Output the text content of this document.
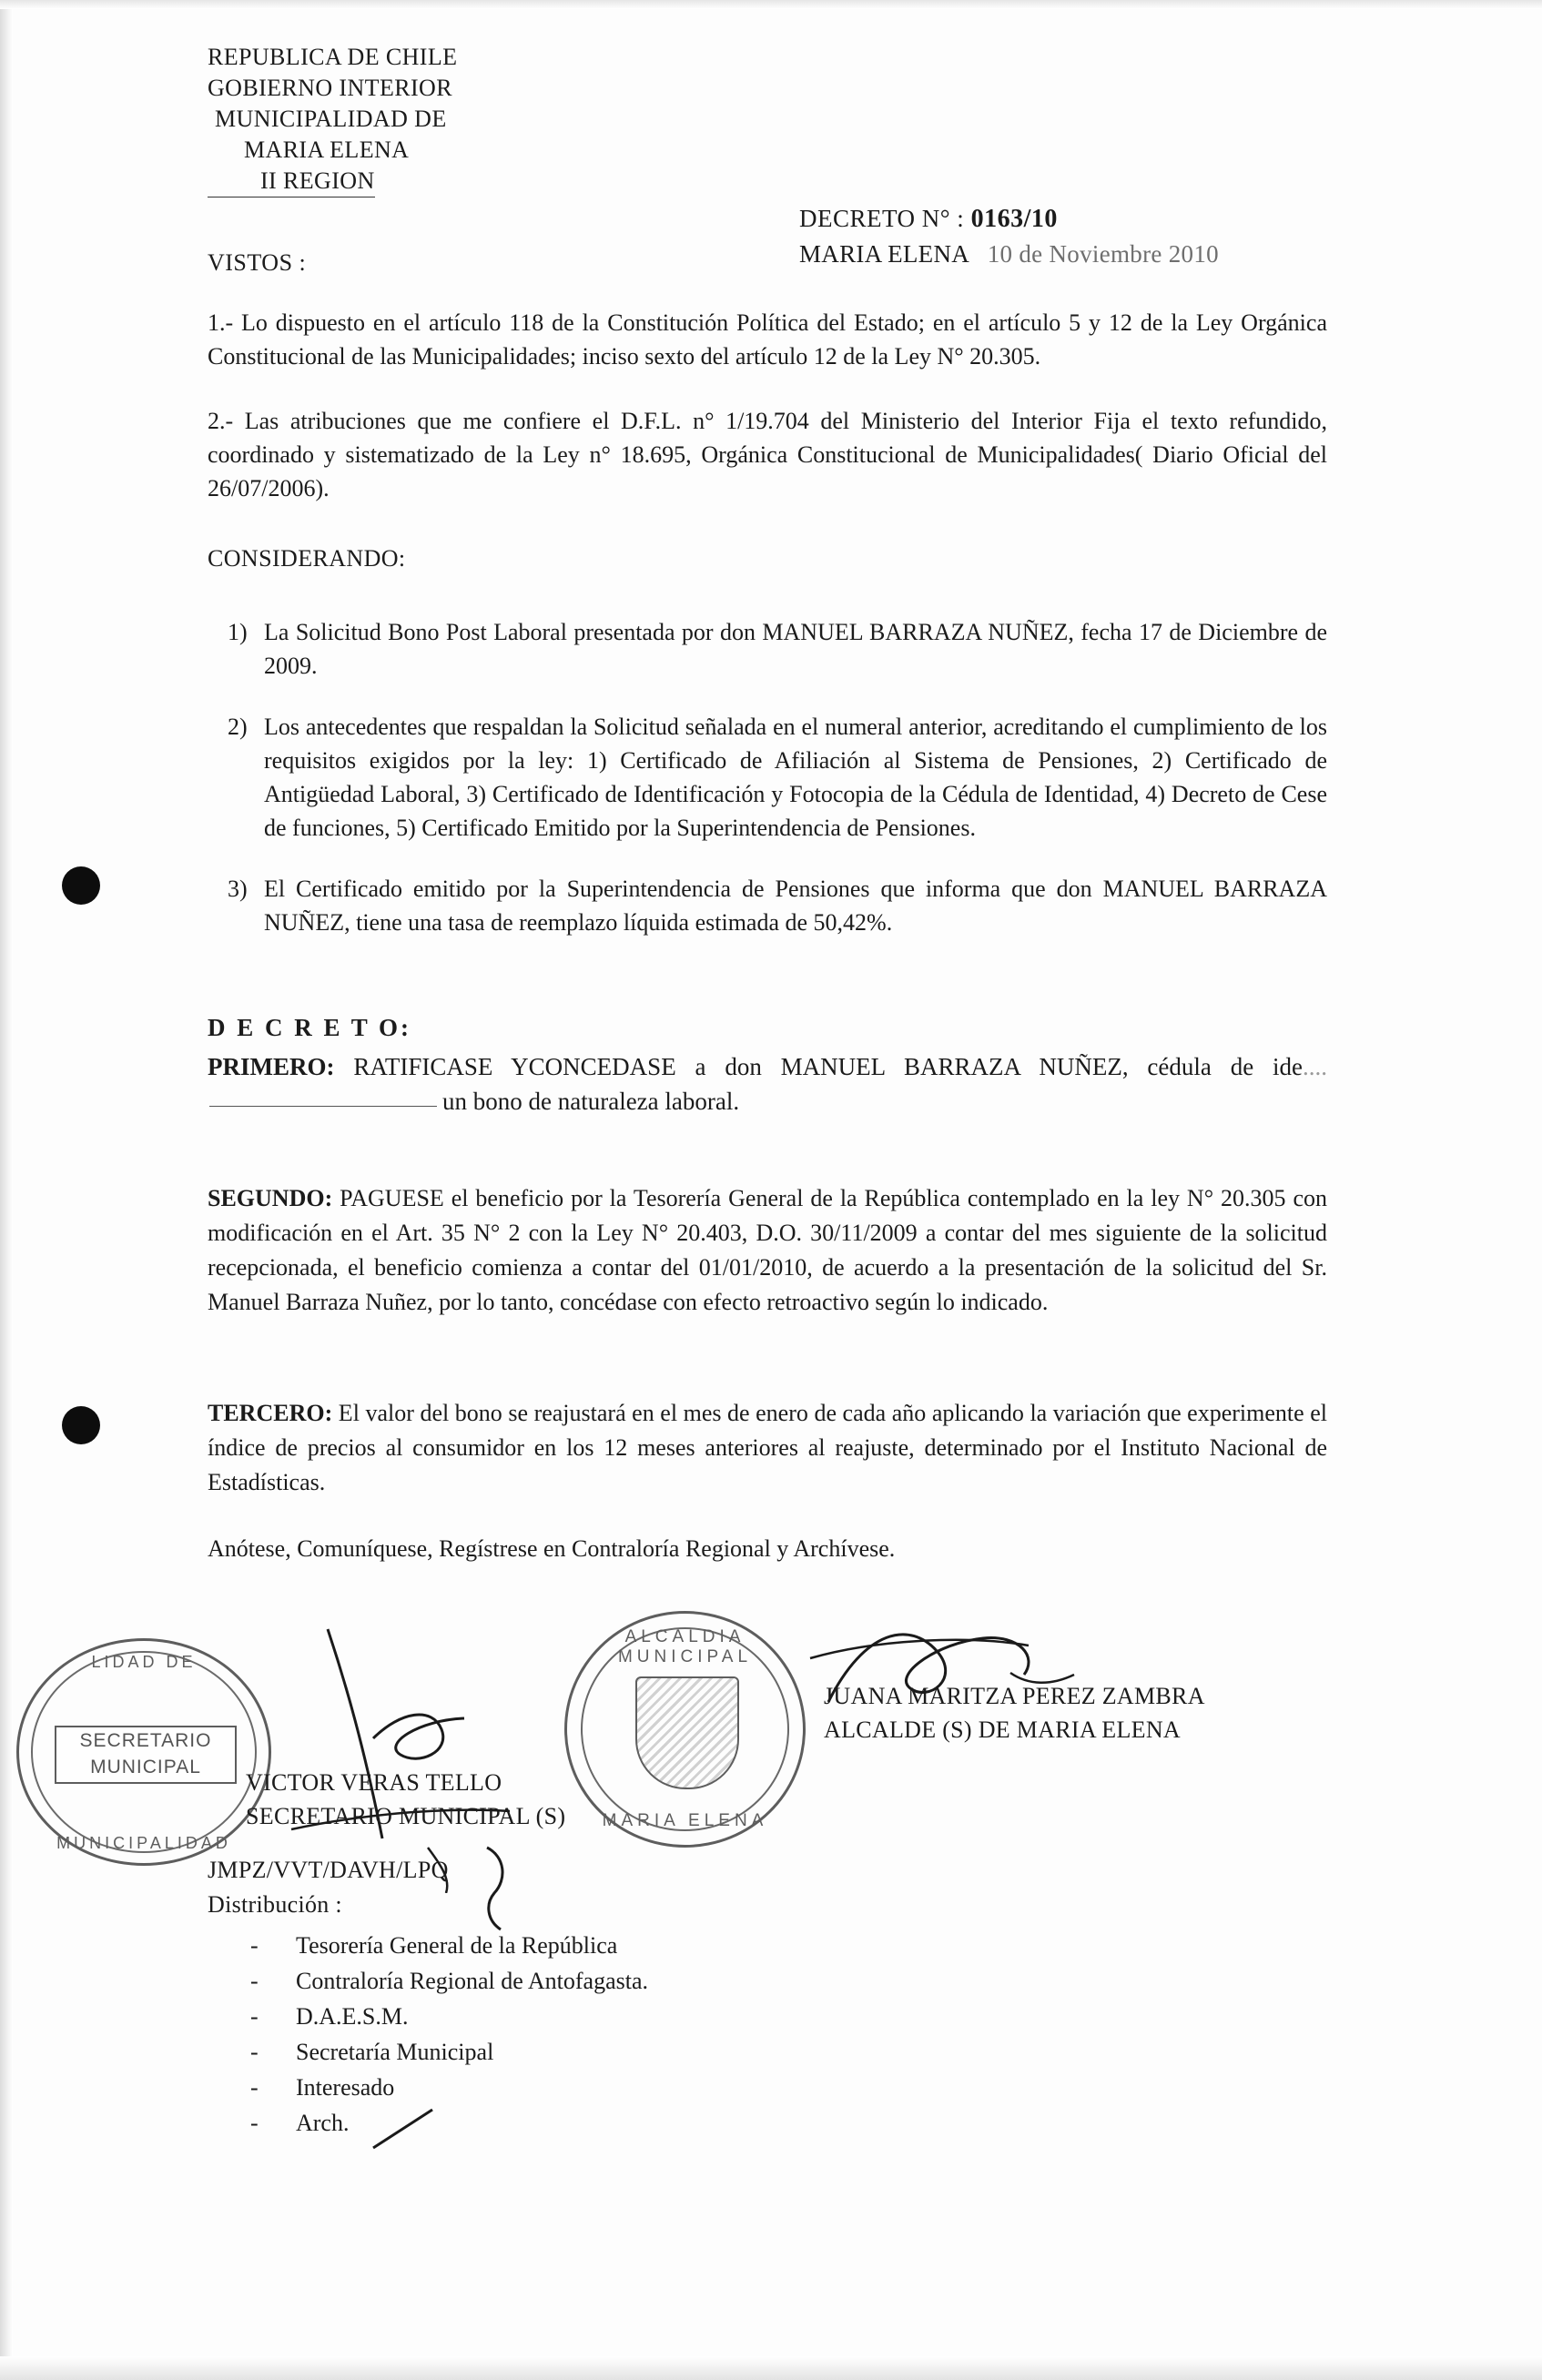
REPUBLICA DE CHILE
GOBIERNO INTERIOR
MUNICIPALIDAD DE
MARIA ELENA
II REGION
DECRETO N° : 0163/10
MARIA ELENA 10 de Noviembre 2010
VISTOS :

1.- Lo dispuesto en el artículo 118 de la Constitución Política del Estado; en el artículo 5 y 12 de la Ley Orgánica Constitucional de las Municipalidades; inciso sexto del artículo 12 de la Ley N° 20.305.

2.- Las atribuciones que me confiere el D.F.L. n° 1/19.704 del Ministerio del Interior Fija el texto refundido, coordinado y sistematizado de la Ley n° 18.695, Orgánica Constitucional de Municipalidades( Diario Oficial del 26/07/2006).

CONSIDERANDO:
1) La Solicitud Bono Post Laboral presentada por don MANUEL BARRAZA NUÑEZ, fecha 17 de Diciembre de 2009.
2) Los antecedentes que respaldan la Solicitud señalada en el numeral anterior, acreditando el cumplimiento de los requisitos exigidos por la ley: 1) Certificado de Afiliación al Sistema de Pensiones, 2) Certificado de Antigüedad Laboral, 3) Certificado de Identificación y Fotocopia de la Cédula de Identidad, 4) Decreto de Cese de funciones, 5) Certificado Emitido por la Superintendencia de Pensiones.
3) El Certificado emitido por la Superintendencia de Pensiones que informa que don MANUEL BARRAZA NUÑEZ, tiene una tasa de reemplazo líquida estimada de 50,42%.
D E C R E T O:
PRIMERO: RATIFICASE YCONCEDASE a don MANUEL BARRAZA NUÑEZ, cédula de ide....un bono de naturaleza laboral.
SEGUNDO: PAGUESE el beneficio por la Tesorería General de la República contemplado en la ley N° 20.305 con modificación en el Art. 35 N° 2 con la Ley N° 20.403, D.O. 30/11/2009 a contar del mes siguiente de la solicitud recepcionada, el beneficio comienza a contar del 01/01/2010, de acuerdo a la presentación de la solicitud del Sr. Manuel Barraza Nuñez, por lo tanto, concédase con efecto retroactivo según lo indicado.
TERCERO: El valor del bono se reajustará en el mes de enero de cada año aplicando la variación que experimente el índice de precios al consumidor en los 12 meses anteriores al reajuste, determinado por el Instituto Nacional de Estadísticas.
Anótese, Comuníquese, Regístrese en Contraloría Regional y Archívese.
LIDAD DE
SECRETARIO
MUNICIPAL
MUNICIPALIDAD
ALCALDIA MUNICIPAL
MARIA ELENA
JUANA MARITZA PEREZ ZAMBRA
ALCALDE (S) DE MARIA ELENA
VICTOR VERAS TELLO
SECRETARIO MUNICIPAL (S)
JMPZ/VVT/DAVH/LPQ
Distribución :
-	Tesorería General de la República
-	Contraloría Regional de Antofagasta.
-	D.A.E.S.M.
-	Secretaría Municipal
-	Interesado
-	Arch.
